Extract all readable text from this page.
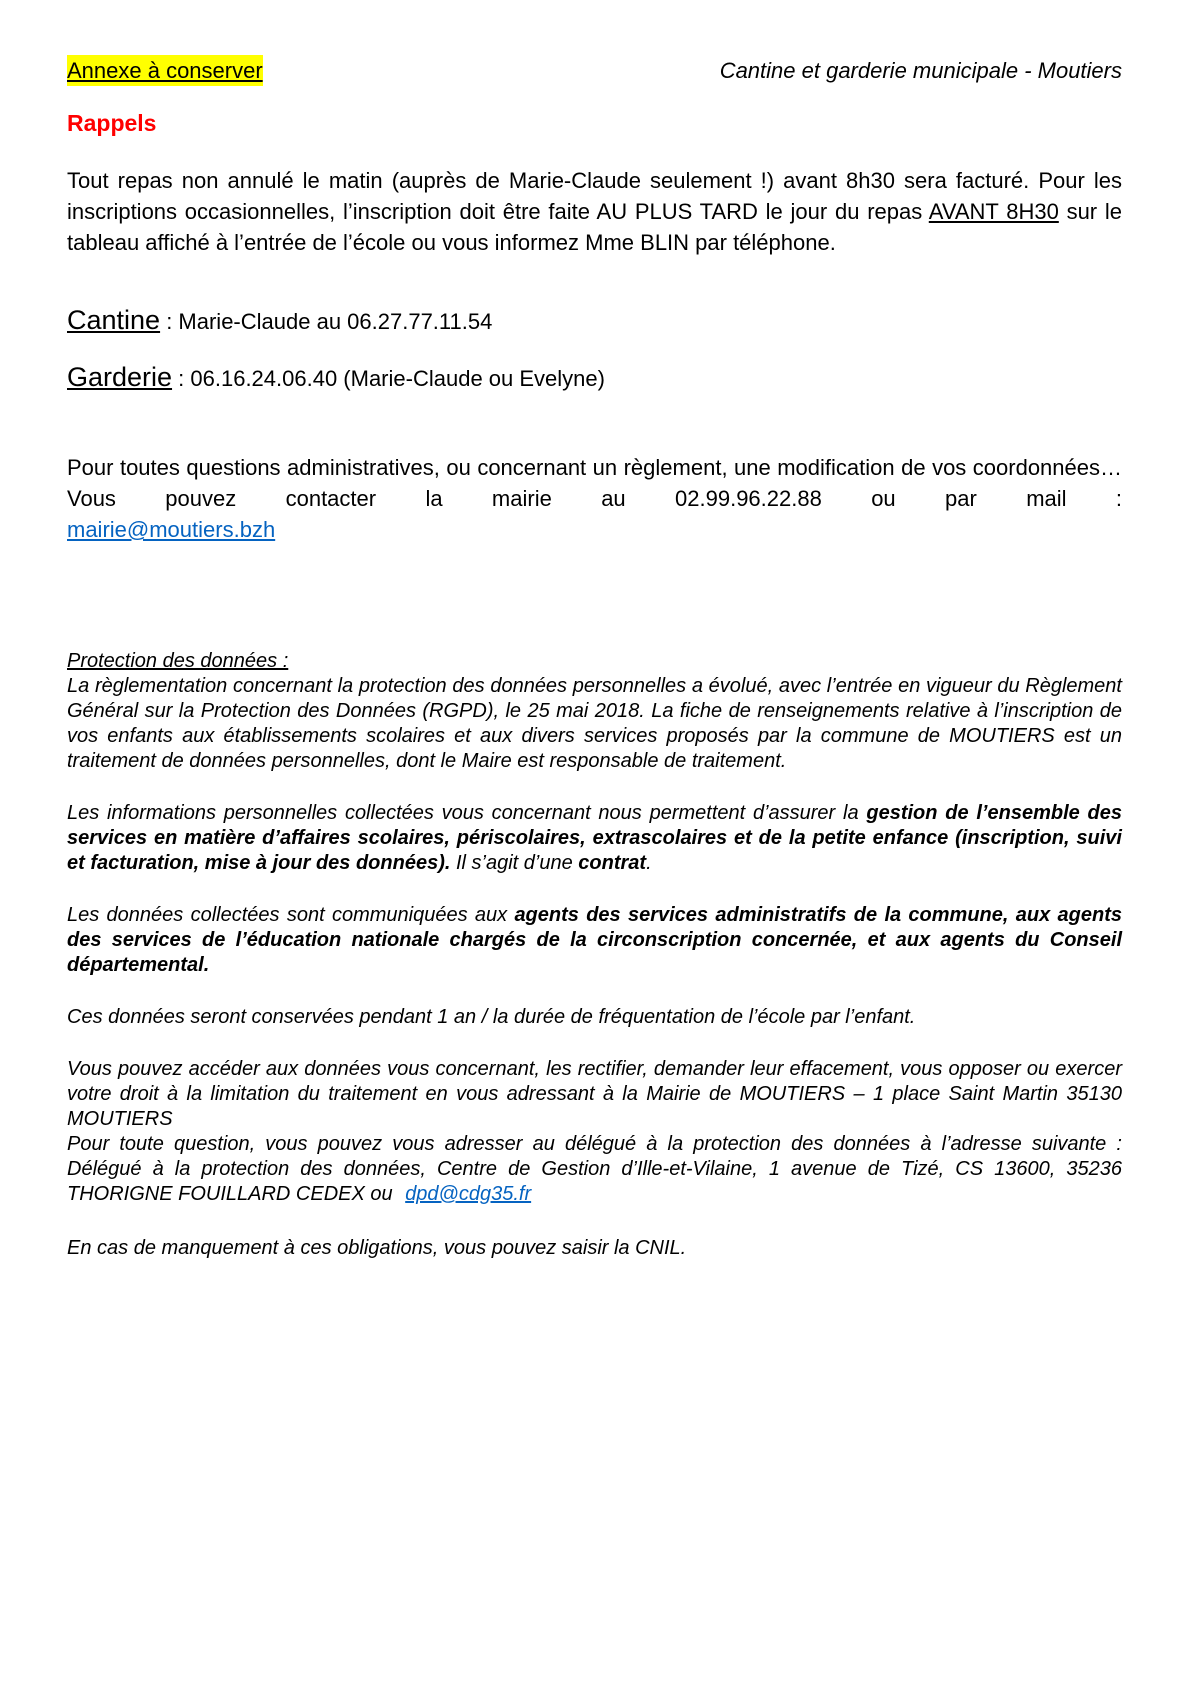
Annexe à conserver	Cantine et garderie municipale - Moutiers

Rappels

Tout repas non annulé le matin (auprès de Marie-Claude seulement !) avant 8h30 sera facturé. Pour les inscriptions occasionnelles, l’inscription doit être faite AU PLUS TARD le jour du repas AVANT 8H30 sur le tableau affiché à l’entrée de l’école ou vous informez Mme BLIN par téléphone.

Cantine : Marie-Claude au 06.27.77.11.54

Garderie : 06.16.24.06.40 (Marie-Claude ou Evelyne)

Pour toutes questions administratives, ou concernant un règlement, une modification de vos coordonnées…Vous pouvez contacter la mairie au 02.99.96.22.88 ou par mail :

mairie@moutiers.bzh

Protection des données :

La règlementation concernant la protection des données personnelles a évolué, avec l’entrée en vigueur du Règlement Général sur la Protection des Données (RGPD), le 25 mai 2018. La fiche de renseignements relative à l’inscription de vos enfants aux établissements scolaires et aux divers services proposés par la commune de MOUTIERS est un traitement de données personnelles, dont le Maire est responsable de traitement.

Les informations personnelles collectées vous concernant nous permettent d’assurer la gestion de l’ensemble des services en matière d’affaires scolaires, périscolaires, extrascolaires et de la petite enfance (inscription, suivi et facturation, mise à jour des données). Il s’agit d’une contrat.

Les données collectées sont communiquées aux agents des services administratifs de la commune, aux agents des services de l’éducation nationale chargés de la circonscription concernée, et aux agents du Conseil départemental.

Ces données seront conservées pendant 1 an / la durée de fréquentation de l’école par l’enfant.

Vous pouvez accéder aux données vous concernant, les rectifier, demander leur effacement, vous opposer ou exercer votre droit à la limitation du traitement en vous adressant à la Mairie de MOUTIERS – 1 place Saint Martin 35130 MOUTIERS

Pour toute question, vous pouvez vous adresser au délégué à la protection des données à l’adresse suivante : Délégué à la protection des données, Centre de Gestion d’Ille-et-Vilaine, 1 avenue de Tizé, CS 13600, 35236 THORIGNE FOUILLARD CEDEX ou dpd@cdg35.fr

En cas de manquement à ces obligations, vous pouvez saisir la CNIL.
